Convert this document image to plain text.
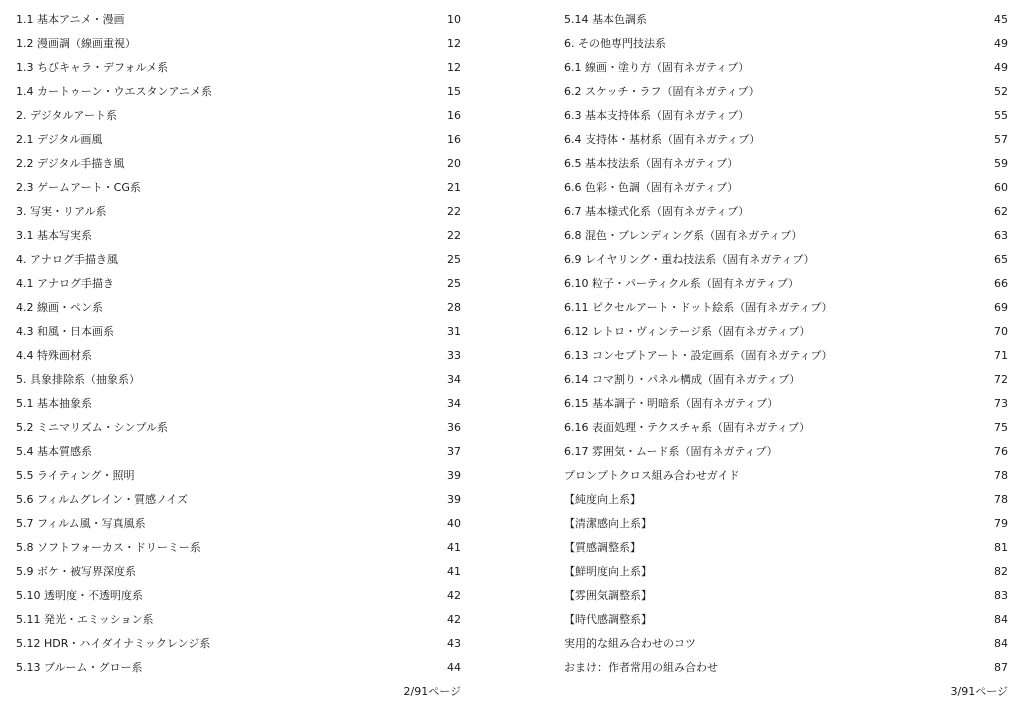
1.1 基本アニメ・漫画	10
1.2 漫画調（線画重視）	12
1.3 ちびキャラ・デフォルメ系	12
1.4 カートゥーン・ウエスタンアニメ系	15
2. デジタルアート系	16
2.1 デジタル画風	16
2.2 デジタル手描き風	20
2.3 ゲームアート・CG系	21
3. 写実・リアル系	22
3.1 基本写実系	22
4. アナログ手描き風	25
4.1 アナログ手描き	25
4.2 線画・ペン系	28
4.3 和風・日本画系	31
4.4 特殊画材系	33
5. 具象排除系（抽象系）	34
5.1 基本抽象系	34
5.2 ミニマリズム・シンプル系	36
5.4 基本質感系	37
5.5 ライティング・照明	39
5.6 フィルムグレイン・質感ノイズ	39
5.7 フィルム風・写真風系	40
5.8 ソフトフォーカス・ドリーミー系	41
5.9 ボケ・被写界深度系	41
5.10 透明度・不透明度系	42
5.11 発光・エミッション系	42
5.12 HDR・ハイダイナミックレンジ系	43
5.13 ブルーム・グロー系	44
5.14 基本色調系	45
6. その他専門技法系	49
6.1 線画・塗り方（固有ネガティブ）	49
6.2 スケッチ・ラフ（固有ネガティブ）	52
6.3 基本支持体系（固有ネガティブ）	55
6.4 支持体・基材系（固有ネガティブ）	57
6.5 基本技法系（固有ネガティブ）	59
6.6 色彩・色調（固有ネガティブ）	60
6.7 基本様式化系（固有ネガティブ）	62
6.8 混色・ブレンディング系（固有ネガティブ）	63
6.9 レイヤリング・重ね技法系（固有ネガティブ）	65
6.10 粒子・パーティクル系（固有ネガティブ）	66
6.11 ピクセルアート・ドット絵系（固有ネガティブ）	69
6.12 レトロ・ヴィンテージ系（固有ネガティブ）	70
6.13 コンセプトアート・設定画系（固有ネガティブ）	71
6.14 コマ割り・パネル構成（固有ネガティブ）	72
6.15 基本調子・明暗系（固有ネガティブ）	73
6.16 表面処理・テクスチャ系（固有ネガティブ）	75
6.17 雰囲気・ムード系（固有ネガティブ）	76
プロンプトクロス組み合わせガイド	78
【純度向上系】	78
【清潔感向上系】	79
【質感調整系】	81
【鮮明度向上系】	82
【雰囲気調整系】	83
【時代感調整系】	84
実用的な組み合わせのコツ	84
おまけ：作者常用の組み合わせ	87
2/91ページ	3/91ページ
